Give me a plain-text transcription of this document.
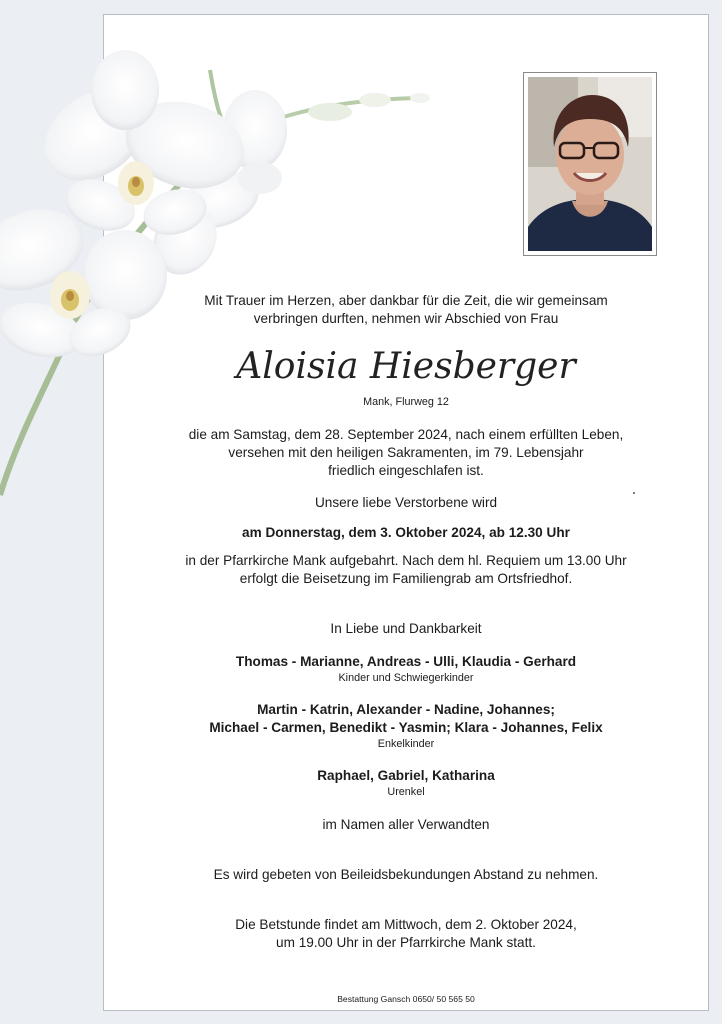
Mit Trauer im Herzen, aber dankbar für die Zeit, die wir gemeinsam
verbringen durften, nehmen wir Abschied von Frau
Aloisia Hiesberger
Mank, Flurweg 12
die am Samstag, dem 28. September 2024, nach einem erfüllten Leben,
versehen mit den heiligen Sakramenten, im 79. Lebensjahr
friedlich eingeschlafen ist.
Unsere liebe Verstorbene wird
am Donnerstag, dem 3. Oktober 2024, ab 12.30 Uhr
in der Pfarrkirche Mank aufgebahrt. Nach dem hl. Requiem um 13.00 Uhr
erfolgt die Beisetzung im Familiengrab am Ortsfriedhof.
In Liebe und Dankbarkeit
Thomas - Marianne, Andreas - Ulli, Klaudia - Gerhard
Kinder und Schwiegerkinder
Martin - Katrin, Alexander - Nadine, Johannes;
Michael - Carmen, Benedikt - Yasmin; Klara - Johannes, Felix
Enkelkinder
Raphael, Gabriel, Katharina
Urenkel
im Namen aller Verwandten
Es wird gebeten von Beileidsbekundungen Abstand zu nehmen.
Die Betstunde findet am Mittwoch, dem 2. Oktober 2024,
um 19.00 Uhr in der Pfarrkirche Mank statt.
Bestattung Gansch 0650/ 50 565 50
